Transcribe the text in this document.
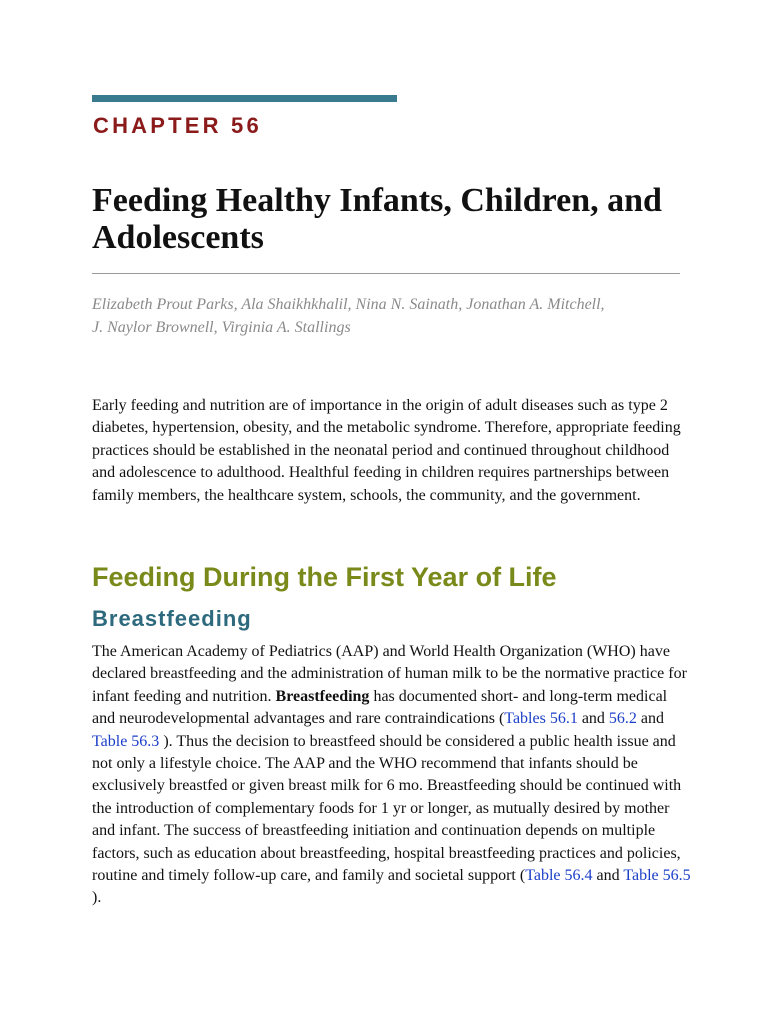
CHAPTER 56
Feeding Healthy Infants, Children, and Adolescents

Elizabeth Prout Parks, Ala Shaikhkhalil, Nina N. Sainath, Jonathan A. Mitchell,
J. Naylor Brownell, Virginia A. Stallings

Early feeding and nutrition are of importance in the origin of adult diseases such as type 2 diabetes, hypertension, obesity, and the metabolic syndrome. Therefore, appropriate feeding practices should be established in the neonatal period and continued throughout childhood and adolescence to adulthood. Healthful feeding in children requires partnerships between family members, the healthcare system, schools, the community, and the government.

Feeding During the First Year of Life
Breastfeeding

The American Academy of Pediatrics (AAP) and World Health Organization (WHO) have declared breastfeeding and the administration of human milk to be the normative practice for infant feeding and nutrition. Breastfeeding has documented short- and long-term medical and neurodevelopmental advantages and rare contraindications (Tables 56.1 and 56.2 and Table 56.3 ). Thus the decision to breastfeed should be considered a public health issue and not only a lifestyle choice. The AAP and the WHO recommend that infants should be exclusively breastfed or given breast milk for 6 mo. Breastfeeding should be continued with the introduction of complementary foods for 1 yr or longer, as mutually desired by mother and infant. The success of breastfeeding initiation and continuation depends on multiple factors, such as education about breastfeeding, hospital breastfeeding practices and policies, routine and timely follow-up care, and family and societal support (Table 56.4 and Table 56.5 ).
